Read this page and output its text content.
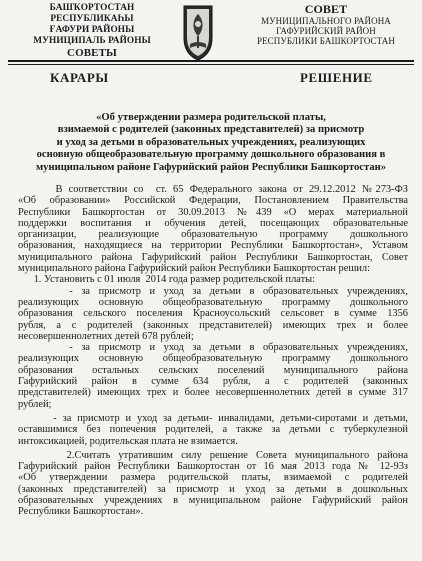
БАШҠОРТОСТАН РЕСПУБЛИКАҺЫ
ҒАФУРИ РАЙОНЫ
МУНИЦИПАЛЬ РАЙОНЫ
СОВЕТЫ
СОВЕТ
МУНИЦИПАЛЬНОГО РАЙОНА
ГАФУРИЙСКИЙ РАЙОН
РЕСПУБЛИКИ БАШКОРТОСТАН
КАРАРЫ	РЕШЕНИЕ
«Об утверждении размера родительской платы,
взимаемой с родителей (законных представителей) за присмотр
и уход за детьми в образовательных учреждениях, реализующих
основную общеобразовательную программу дошкольного образования в
муниципальном районе Гафурийский район Республики Башкортостан»
В соответствии со  ст. 65 Федерального закона от 29.12.2012 №273-ФЗ
«Об образовании» Российской Федерации, Постановлением Правительства
Республики Башкортостан от 30.09.2013 №439 «О мерах материальной
поддержки воспитания и обучения детей, посещающих образовательные
организации, реализующие образовательную программу дошкольного
образования, находящиеся на территории Республики Башкортостан», Уставом
муниципального района Гафурийский район Республики Башкортостан, Совет
муниципального района Гафурийский район Республики Башкортостан решил:
1. Установить с 01 июля  2014 года размер родительской платы:
- за присмотр и уход за детьми в образовательных учреждениях,
реализующих основную общеобразовательную программу дошкольного
образования сельского поселения Красноусольский сельсовет в сумме 1356
рубля, а с родителей (законных представителей) имеющих трех и более
несовершеннолетних детей 678 рублей;
- за присмотр и уход за детьми в образовательных учреждениях,
реализующих основную общеобразовательную программу дошкольного
образования остальных сельских поселений муниципального района
Гафурийский район в сумме 634 рубля, а с родителей (законных
представителей) имеющих трех и более несовершеннолетних детей в сумме 317
рублей;
- за присмотр и уход за детьми- инвалидами, детьми-сиротами и детьми,
оставшимися без попечения родителей, а также за детьми с туберкулезной
интоксикацией, родительская плата не взимается.
2.Считать утратившим силу решение Совета муниципального района
Гафурийский район Республики Башкортостан от 16 мая 2013 года № 12-93з
«Об утверждении размера родительской платы, взимаемой с родителей
(законных представителей) за присмотр и уход за детьми в дошкольных
образовательных учреждениях в муниципальном районе Гафурийский район
Республики Башкортостан».
